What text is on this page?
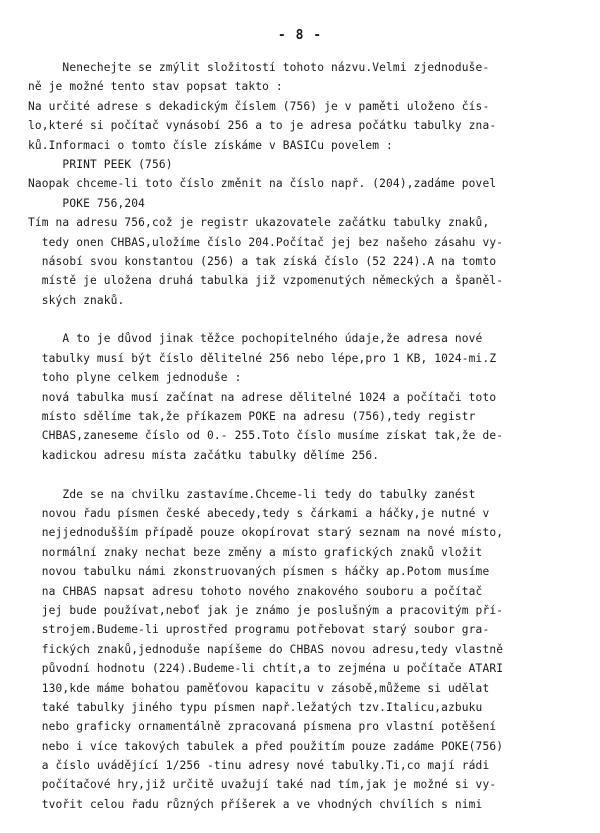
- 8 -
Nenechejte se zmýlit složitostí tohoto názvu.Velmi zjednoduše-
ně je možné tento stav popsat takto :
Na určité adrese s dekadickým číslem (756) je v paměti uloženo čís-
lo,které si počítač vynásobí 256 a to je adresa počátku tabulky zna-
ků.Informaci o tomto čísle získáme v BASICu povelem :
PRINT PEEK (756)
Naopak chceme-li toto číslo změnit na číslo např. (204),zadáme povel
POKE 756,204
Tím na adresu 756,což je registr ukazovatele začátku tabulky znaků,
tedy onen CHBAS,uložíme číslo 204.Počítač jej bez našeho zásahu vy-
násobí svou konstantou (256) a tak získá číslo (52 224).A na tomto
místě je uložena druhá tabulka již vzpomenutých německých a španěl-
ských znaků.
A to je důvod jinak těžce pochopitelného údaje,že adresa nové
tabulky musí být číslo dělitelné 256 nebo lépe,pro 1 KB, 1024-mi.Z
toho plyne celkem jednoduše :
nová tabulka musí začínat na adrese dělitelné 1024 a počítači toto
místo sdělíme tak,že příkazem POKE na adresu (756),tedy registr
CHBAS,zaneseme číslo od 0.- 255.Toto číslo musíme získat tak,že de-
kadickou adresu místa začátku tabulky dělíme 256.
Zde se na chvilku zastavíme.Chceme-li tedy do tabulky zanést
novou řadu písmen české abecedy,tedy s čárkami a háčky,je nutné v
nejjednodušším případě pouze okopírovat starý seznam na nové místo,
normální znaky nechat beze změny a místo grafických znaků vložit
novou tabulku námi zkonstruovaných písmen s háčky ap.Potom musíme
na CHBAS napsat adresu tohoto nového znakového souboru a počítač
jej bude používat,neboť jak je známo je poslušným a pracovitým pří-
strojem.Budeme-li uprostřed programu potřebovat starý soubor gra-
fických znaků,jednoduše napíšeme do CHBAS novou adresu,tedy vlastně
původní hodnotu (224).Budeme-li chtít,a to zejména u počítače ATARI
130,kde máme bohatou paměťovou kapacitu v zásobě,můžeme si udělat
také tabulky jiného typu písmen např.ležatých tzv.Italicu,azbuku
nebo graficky ornamentálně zpracovaná písmena pro vlastní potěšení
nebo i více takových tabulek a před použitím pouze zadáme POKE(756)
a číslo uvádějící 1/256 -tinu adresy nové tabulky.Ti,co mají rádi
počítačové hry,již určitě uvažují také nad tím,jak je možné si vy-
tvořit celou řadu různých příšerek a ve vhodných chvílích s nimi
